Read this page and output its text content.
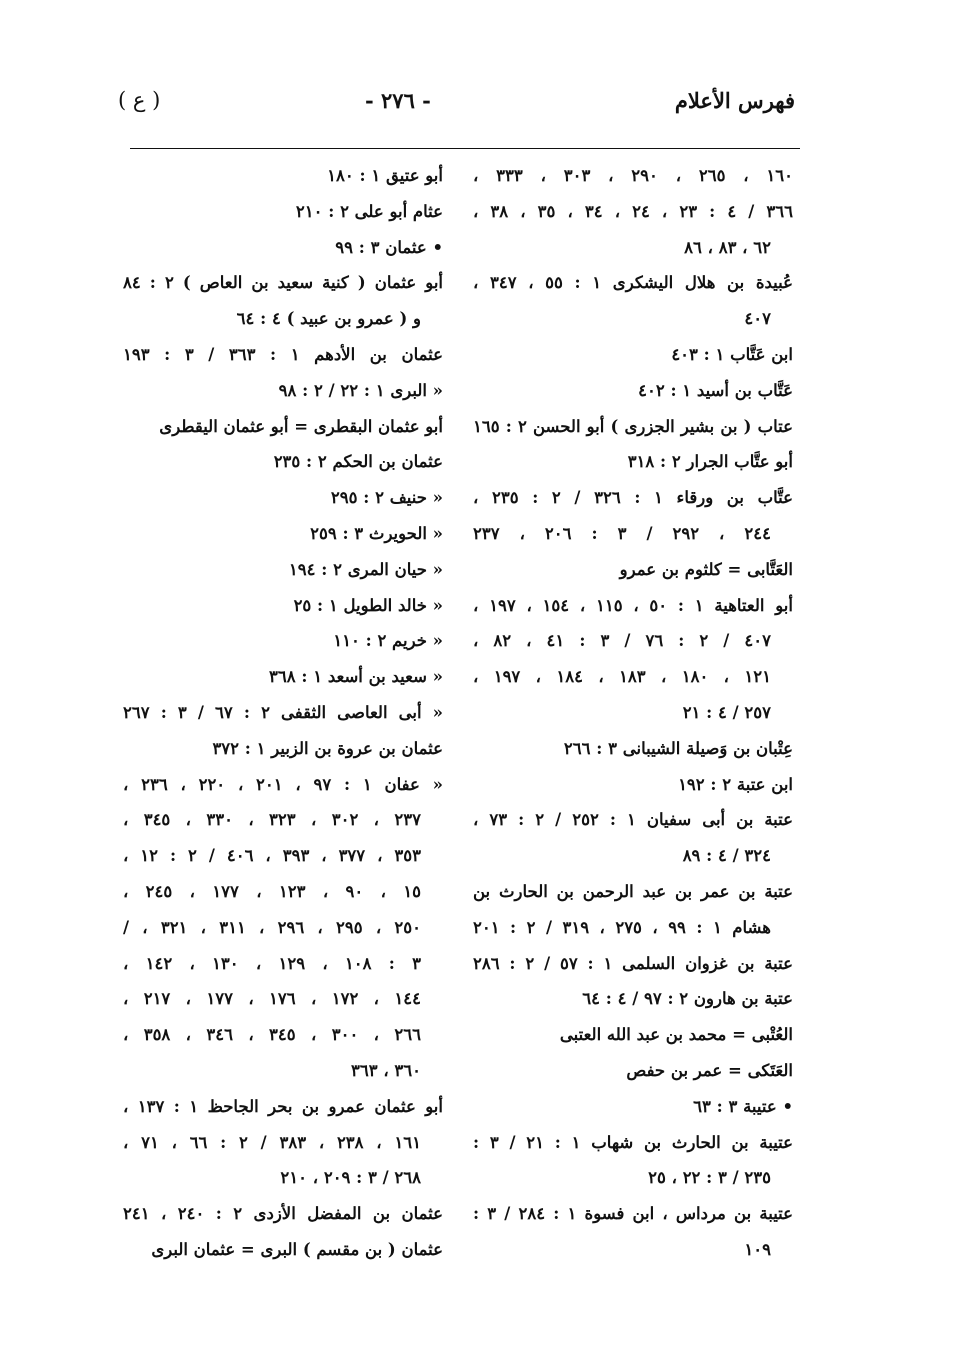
فهرس الأعلام
- ٢٧٦ -
( ع )
١٦٠ ، ٢٦٥ ، ٢٩٠ ، ٣٠٣ ، ٣٣٣ ،
٣٦٦ / ٤ : ٢٣ ، ٢٤ ، ٣٤ ، ٣٥ ، ٣٨ ،
٦٢ ، ٨٣ ، ٨٦
عُبيدة بن هلال اليشكرى ١ : ٥٥ ، ٣٤٧ ،
٤٠٧
ابن عَتَّاب ١ : ٤٠٣
عَتَّاب بن أسيد ١ : ٤٠٢
عتاب ( بن بشير الجزرى ) أبو الحسن ٢ : ١٦٥
أبو عتَّاب الجرار ٢ : ٣١٨
عتَّاب بن ورقاء ١ : ٣٢٦ / ٢ : ٢٣٥ ،
٢٤٤ ، ٢٩٢ / ٣ : ٢٠٦ ، ٢٣٧
العَتَّابى = كلثوم بن عمرو
أبو العتاهية ١ : ٥٠ ، ١١٥ ، ١٥٤ ، ١٩٧ ،
٤٠٧ / ٢ : ٧٦ / ٣ : ٤١ ، ٨٢ ،
١٢١ ، ١٨٠ ، ١٨٣ ، ١٨٤ ، ١٩٧ ،
٢٥٧ / ٤ : ٢١
عِتْبان بن وَصيلة الشيبانى ٣ : ٢٦٦
ابن عتبة ٢ : ١٩٢
عتبة بن أبى سفيان ١ : ٢٥٢ / ٢ : ٧٣ ،
٣٢٤ / ٤ : ٨٩
عتبة بن عمر بن عبد الرحمن بن الحارث بن
هشام ١ : ٩٩ ، ٢٧٥ ، ٣١٩ / ٢ : ٢٠١
عتبة بن غزوان السلمى ١ : ٥٧ / ٢ : ٢٨٦
عتبة بن هارون ٢ : ٩٧ / ٤ : ٦٤
العُتْبى = محمد بن عبد الله العتبى
العَتَكى = عمر بن حفص
• عتيبة ٣ : ٦٣
عتيبة بن الحارث بن شهاب ١ : ٢١ / ٣ :
٢٣٥ / ٣ : ٢٢ ، ٢٥
عتيبة بن مرداس ، ابن فسوة ١ : ٢٨٤ / ٣ :
١٠٩
أبو عتيق ١ : ١٨٠
عثام أبو على ٢ : ٢١٠
• عثمان ٣ : ٩٩
أبو عثمان ( كنية سعيد بن العاص ) ٢ : ٨٤
و ( عمرو بن عبيد ) ٤ : ٦٤
عثمان بن الأدهم ١ : ٣٦٣ / ٣ : ١٩٣
« البرى ١ : ٢٢ / ٢ : ٩٨
أبو عثمان البقطرى = أبو عثمان اليقطرى
عثمان بن الحكم ٢ : ٢٣٥
« حنيف ٢ : ٢٩٥
« الحويرث ٣ : ٢٥٩
« حيان المرى ٢ : ١٩٤
« خالد الطويل ١ : ٢٥
« خريم ٢ : ١١٠
« سعيد بن أسعد ١ : ٣٦٨
« أبى العاصى الثقفى ٢ : ٦٧ / ٣ : ٢٦٧
عثمان بن عروة بن الزبير ١ : ٣٧٢
« عفان ١ : ٩٧ ، ٢٠١ ، ٢٢٠ ، ٢٣٦ ،
٢٣٧ ، ٣٠٢ ، ٣٢٣ ، ٣٣٠ ، ٣٤٥ ،
٣٥٣ ، ٣٧٧ ، ٣٩٣ ، ٤٠٦ / ٢ : ١٢ ،
١٥ ، ٩٠ ، ١٢٣ ، ١٧٧ ، ٢٤٥ ،
٢٥٠ ، ٢٩٥ ، ٢٩٦ ، ٣١١ ، ٣٢١ ، /
٣ : ١٠٨ ، ١٢٩ ، ١٣٠ ، ١٤٢ ،
١٤٤ ، ١٧٢ ، ١٧٦ ، ١٧٧ ، ٢١٧ ،
٢٦٦ ، ٣٠٠ ، ٣٤٥ ، ٣٤٦ ، ٣٥٨ ،
٣٦٠ ، ٣٦٣
أبو عثمان عمرو بن بحر الجاحظ ١ : ١٣٧ ،
١٦١ ، ٢٣٨ ، ٣٨٣ / ٢ : ٦٦ ، ٧١ ،
٢٦٨ / ٣ : ٢٠٩ ، ٢١٠
عثمان بن المفضل الأزدى ٢ : ٢٤٠ ، ٢٤١
عثمان ( بن مقسم ) البرى = عثمان البرى
